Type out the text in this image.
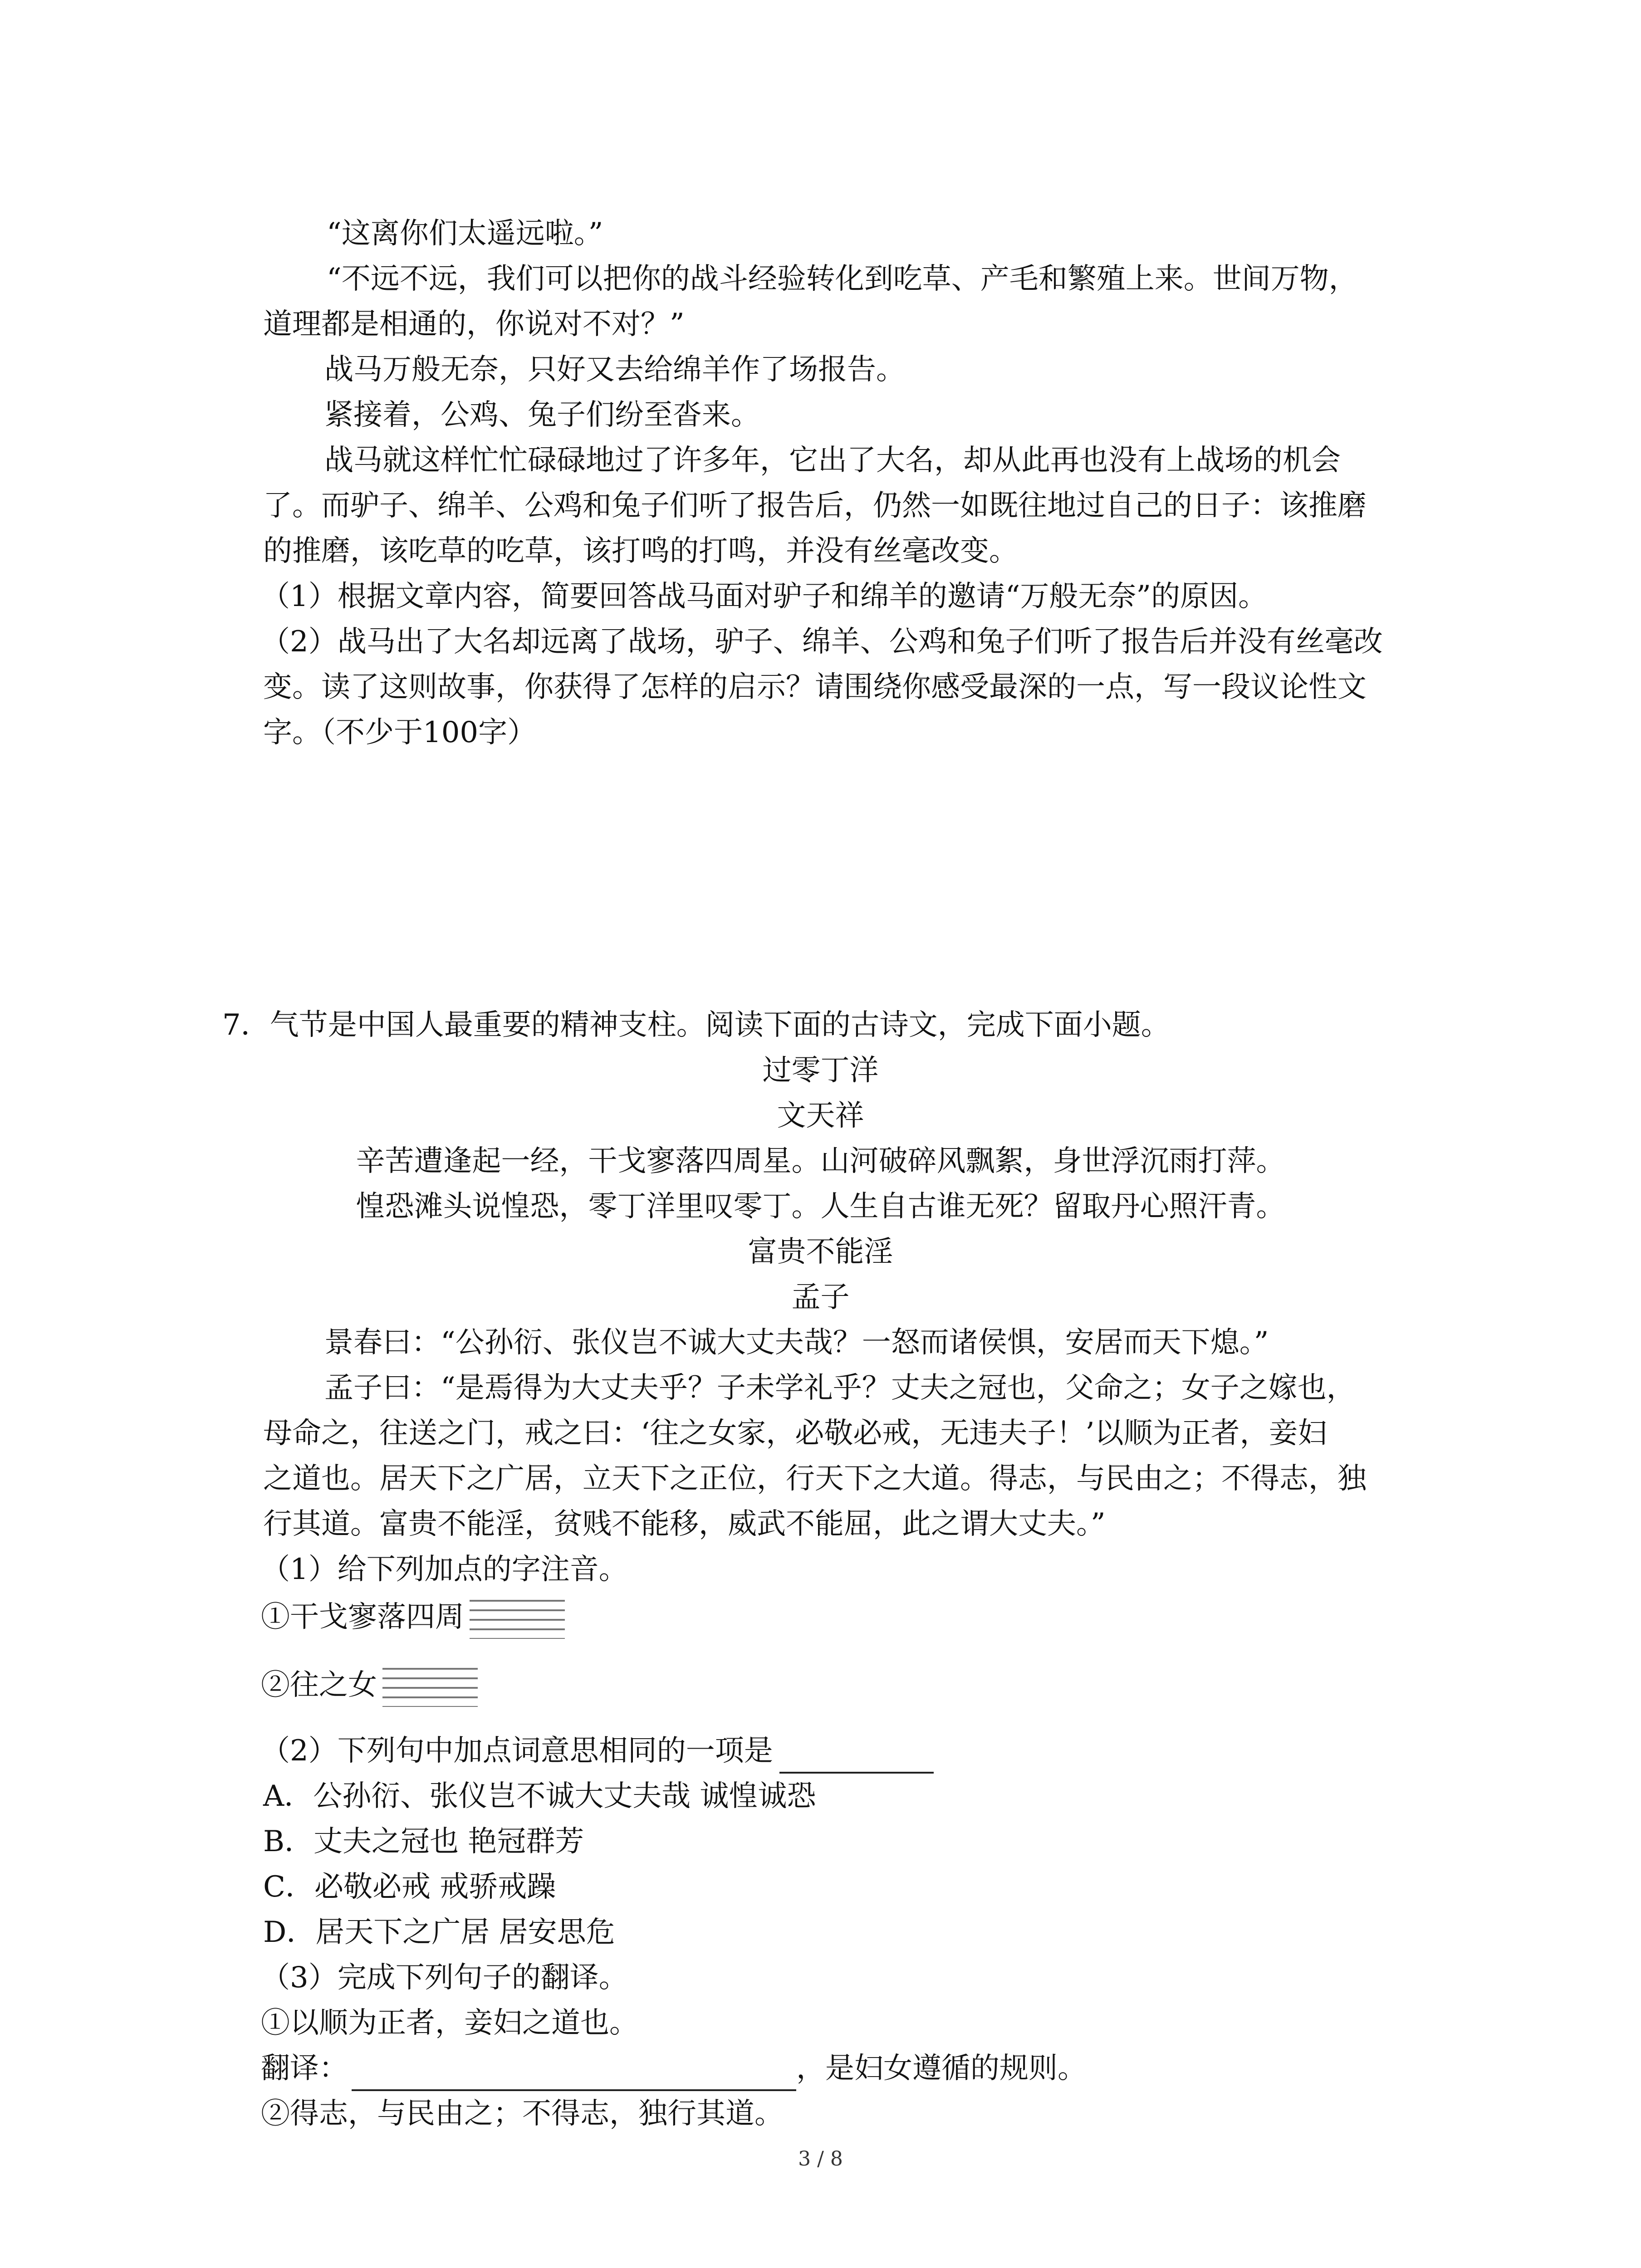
“这离你们太遥远啦。”
“不远不远，我们可以把你的战斗经验转化到吃草、产毛和繁殖上来。世间万物，
道理都是相通的，你说对不对？”
战马万般无奈，只好又去给绵羊作了场报告。
紧接着，公鸡、兔子们纷至沓来。
战马就这样忙忙碌碌地过了许多年，它出了大名，却从此再也没有上战场的机会
了。而驴子、绵羊、公鸡和兔子们听了报告后，仍然一如既往地过自己的日子：该推磨
的推磨，该吃草的吃草，该打鸣的打鸣，并没有丝毫改变。
（1）根据文章内容，简要回答战马面对驴子和绵羊的邀请“万般无奈”的原因。
（2）战马出了大名却远离了战场，驴子、绵羊、公鸡和兔子们听了报告后并没有丝毫改
变。读了这则故事，你获得了怎样的启示？请围绕你感受最深的一点，写一段议论性文
字。（不少于100字）
7．气节是中国人最重要的精神支柱。阅读下面的古诗文，完成下面小题。
过零丁洋
文天祥
辛苦遭逢起一经，干戈寥落四周星。山河破碎风飘絮，身世浮沉雨打萍。
惶恐滩头说惶恐，零丁洋里叹零丁。人生自古谁无死？留取丹心照汗青。
富贵不能淫
孟子
景春曰：“公孙衍、张仪岂不诚大丈夫哉？一怒而诸侯惧，安居而天下熄。”
孟子曰：“是焉得为大丈夫乎？子未学礼乎？丈夫之冠也，父命之；女子之嫁也，
母命之，往送之门，戒之曰：‘往之女家，必敬必戒，无违夫子！’以顺为正者，妾妇
之道也。居天下之广居，立天下之正位，行天下之大道。得志，与民由之；不得志，独
行其道。富贵不能淫，贫贱不能移，威武不能屈，此之谓大丈夫。”
（1）给下列加点的字注音。
①干戈寥落四周
②往之女
（2）下列句中加点词意思相同的一项是
A．公孙衍、张仪岂不诚大丈夫哉 诚惶诚恐
B．丈夫之冠也 艳冠群芳
C．必敬必戒 戒骄戒躁
D．居天下之广居 居安思危
（3）完成下列句子的翻译。
①以顺为正者，妾妇之道也。
翻译：	，是妇女遵循的规则。
②得志，与民由之；不得志，独行其道。
3 / 8
